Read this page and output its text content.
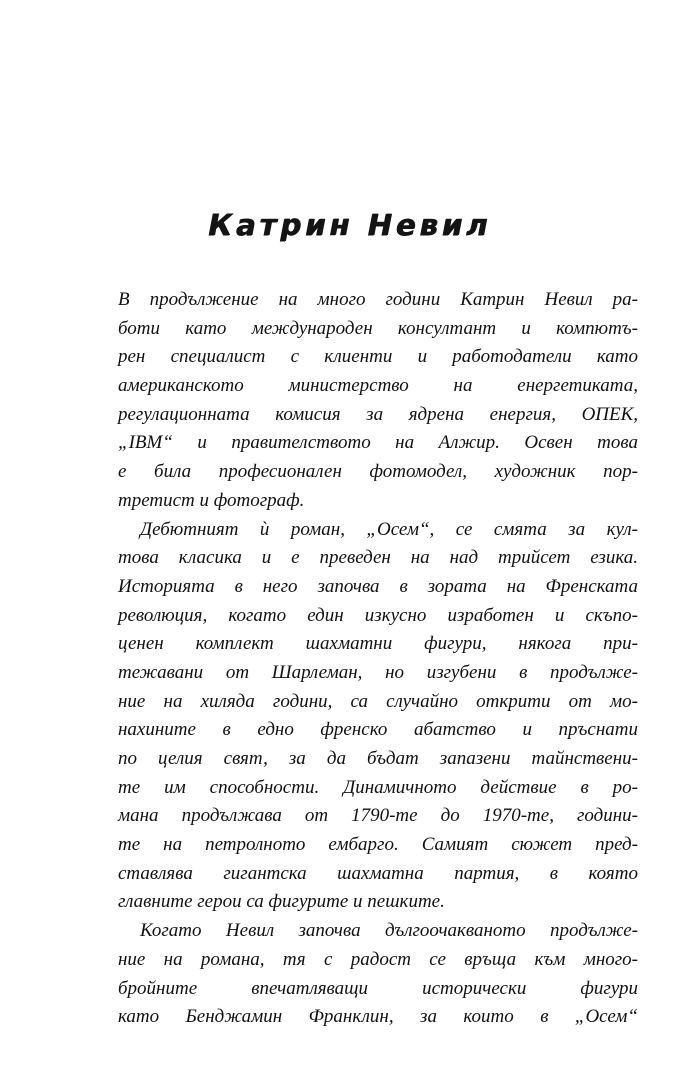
Катрин Невил
В продължение на много години Катрин Невил ра-
боти като международен консултант и компютъ-
рен специалист с клиенти и работодатели като
американското министерство на енергетиката,
регулационната комисия за ядрена енергия, ОПЕК,
„IBM“ и правителството на Алжир. Освен това
е била професионален фотомодел, художник пор-
третист и фотограф.
Дебютният ѝ роман, „Осем“, се смята за кул-
това класика и е преведен на над трийсет езика.
Историята в него започва в зората на Френската
революция, когато един изкусно изработен и скъпо-
ценен комплект шахматни фигури, някога при-
тежавани от Шарлеман, но изгубени в продълже-
ние на хиляда години, са случайно открити от мо-
нахините в едно френско абатство и пръснати
по целия свят, за да бъдат запазени тайнствени-
те им способности. Динамичното действие в ро-
мана продължава от 1790-те до 1970-те, години-
те на петролното ембарго. Самият сюжет пред-
ставлява гигантска шахматна партия, в която
главните герои са фигурите и пешките.
Когато Невил започва дългоочакваното продълже-
ние на романа, тя с радост се връща към много-
бройните впечатляващи исторически фигури
като Бенджамин Франклин, за които в „Осем“
